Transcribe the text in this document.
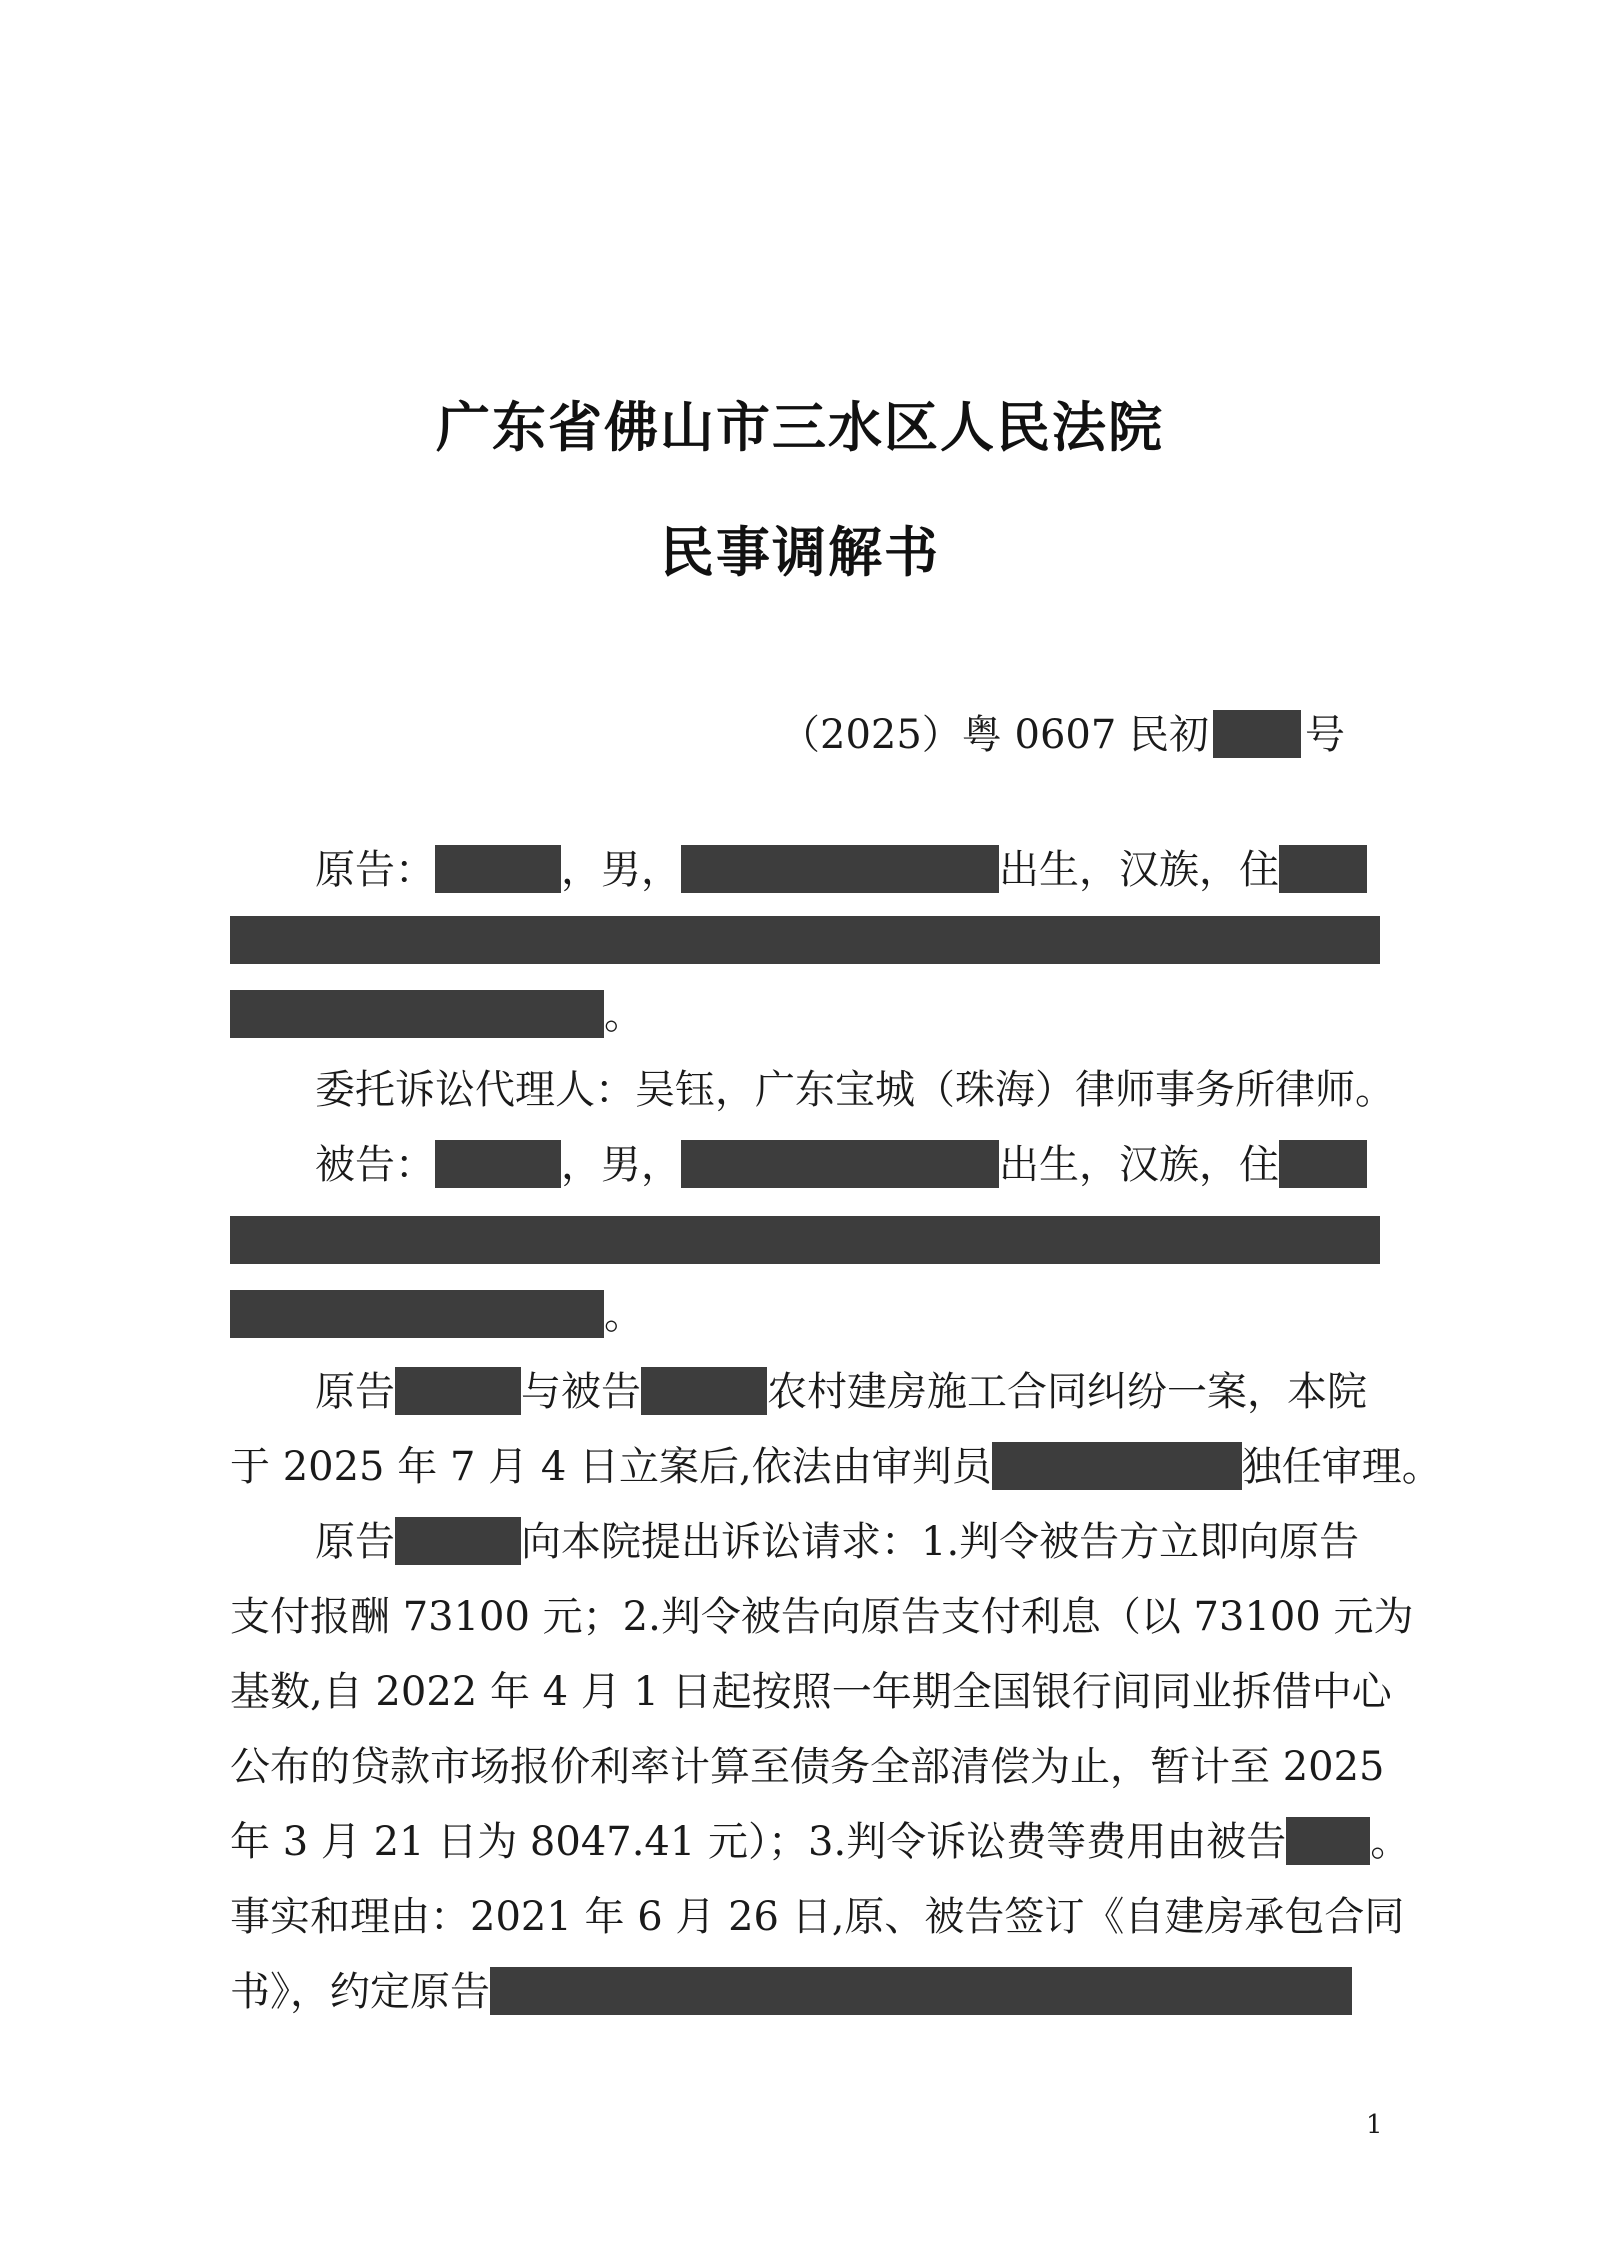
广东省佛山市三水区人民法院
民事调解书
（2025）粤 0607 民初 号
原告：	，男，	出生，汉族，住
。
委托诉讼代理人：吴钰，广东宝城（珠海）律师事务所律师。
被告：	，男，	出生，汉族，住
。
原告	与被告	农村建房施工合同纠纷一案，本院
于 2025 年 7 月 4 日立案后,依法由审判员	独任审理。
原告	向本院提出诉讼请求：1.判令被告方立即向原告
支付报酬 73100 元；2.判令被告向原告支付利息（以 73100 元为
基数,自 2022 年 4 月 1 日起按照一年期全国银行间同业拆借中心
公布的贷款市场报价利率计算至债务全部清偿为止，暂计至 2025
年 3 月 21 日为 8047.41 元）；3.判令诉讼费等费用由被告 。
事实和理由：2021 年 6 月 26 日,原、被告签订《自建房承包合同
书》，约定原告
1
